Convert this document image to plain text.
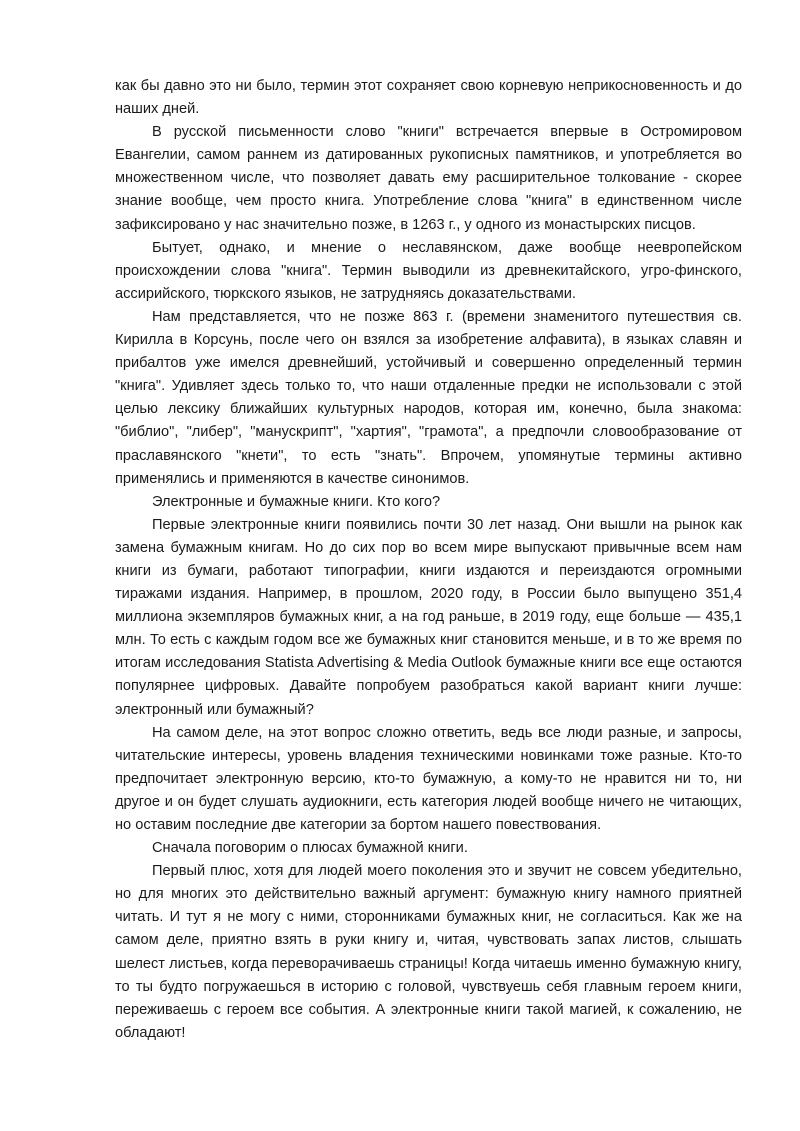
как бы давно это ни было, термин этот сохраняет свою корневую неприкосновенность и до наших дней.

В русской письменности слово "книги" встречается впервые в Остромировом Евангелии, самом раннем из датированных рукописных памятников, и употребляется во множественном числе, что позволяет давать ему расширительное толкование - скорее знание вообще, чем просто книга. Употребление слова "книга" в единственном числе зафиксировано у нас значительно позже, в 1263 г., у одного из монастырских писцов.

Бытует, однако, и мнение о неславянском, даже вообще неевропейском происхождении слова "книга". Термин выводили из древнекитайского, угро-финского, ассирийского, тюркского языков, не затрудняясь доказательствами.

Нам представляется, что не позже 863 г. (времени знаменитого путешествия св. Кирилла в Корсунь, после чего он взялся за изобретение алфавита), в языках славян и прибалтов уже имелся древнейший, устойчивый и совершенно определенный термин "книга". Удивляет здесь только то, что наши отдаленные предки не использовали с этой целью лексику ближайших культурных народов, которая им, конечно, была знакома: "библио", "либер", "манускрипт", "хартия", "грамота", а предпочли словообразование от праславянского "кнети", то есть "знать". Впрочем, упомянутые термины активно применялись и применяются в качестве синонимов.

Электронные и бумажные книги. Кто кого?

Первые электронные книги появились почти 30 лет назад. Они вышли на рынок как замена бумажным книгам. Но до сих пор во всем мире выпускают привычные всем нам книги из бумаги, работают типографии, книги издаются и переиздаются огромными тиражами издания. Например, в прошлом, 2020 году, в России было выпущено 351,4 миллиона экземпляров бумажных книг, а на год раньше, в 2019 году, еще больше — 435,1 млн. То есть с каждым годом все же бумажных книг становится меньше, и в то же время по итогам исследования Statista Advertising & Media Outlook бумажные книги все еще остаются популярнее цифровых. Давайте попробуем разобраться какой вариант книги лучше: электронный или бумажный?

На самом деле, на этот вопрос сложно ответить, ведь все люди разные, и запросы, читательские интересы, уровень владения техническими новинками тоже разные. Кто-то предпочитает электронную версию, кто-то бумажную, а кому-то не нравится ни то, ни другое и он будет слушать аудиокниги, есть категория людей вообще ничего не читающих, но оставим последние две категории за бортом нашего повествования.

Сначала поговорим о плюсах бумажной книги.

Первый плюс, хотя для людей моего поколения это и звучит не совсем убедительно, но для многих это действительно важный аргумент: бумажную книгу намного приятней читать. И тут я не могу с ними, сторонниками бумажных книг, не согласиться. Как же на самом деле, приятно взять в руки книгу и, читая, чувствовать запах листов, слышать шелест листьев, когда переворачиваешь страницы! Когда читаешь именно бумажную книгу, то ты будто погружаешься в историю с головой, чувствуешь себя главным героем книги, переживаешь с героем все события. А электронные книги такой магией, к сожалению, не обладают!
